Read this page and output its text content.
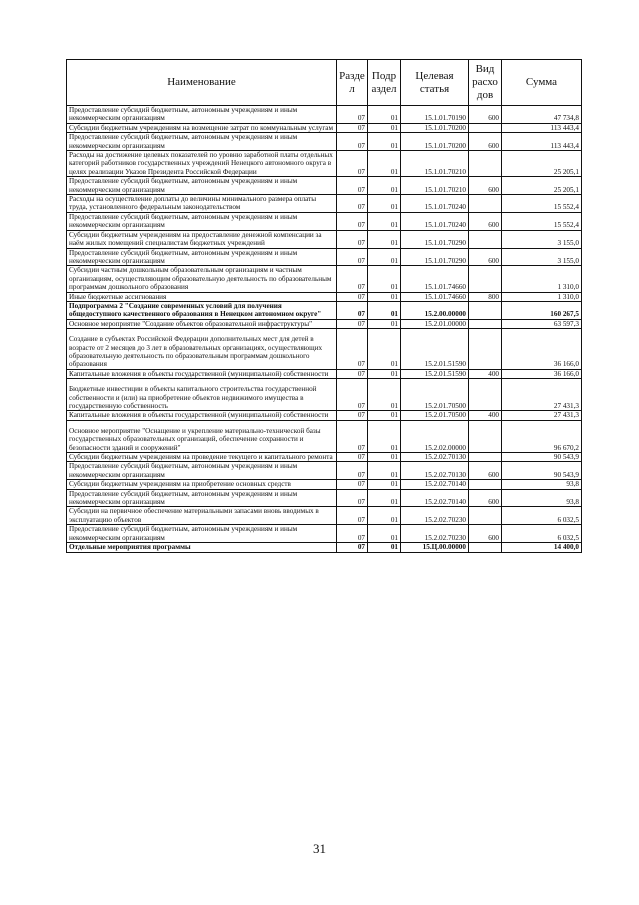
Наименование	Разде л	Подр аздел	Целевая статья	Вид расхо дов	Сумма
Предоставление субсидий бюджетным, автономным учреждениям и иным некоммерческим организациям	07	01	15.1.01.70190	600	47 734,8
Субсидии бюджетным учреждениям на возмещение затрат по коммунальным услугам	07	01	15.1.01.70200		113 443,4
Предоставление субсидий бюджетным, автономным учреждениям и иным некоммерческим организациям	07	01	15.1.01.70200	600	113 443,4
Расходы на достижение целевых показателей по уровню заработной платы отдельных категорий работников государственных учреждений Ненецкого автономного округа в целях реализации Указов Президента Российской Федерации	07	01	15.1.01.70210		25 205,1
Предоставление субсидий бюджетным, автономным учреждениям и иным некоммерческим организациям	07	01	15.1.01.70210	600	25 205,1
Расходы на осуществление доплаты до величины минимального размера оплаты труда, установленного федеральным законодательством	07	01	15.1.01.70240		15 552,4
Предоставление субсидий бюджетным, автономным учреждениям и иным некоммерческим организациям	07	01	15.1.01.70240	600	15 552,4
Субсидии бюджетным учреждениям на предоставление денежной компенсации за наём жилых помещений специалистам бюджетных учреждений	07	01	15.1.01.70290		3 155,0
Предоставление субсидий бюджетным, автономным учреждениям и иным некоммерческим организациям	07	01	15.1.01.70290	600	3 155,0
Субсидии частным дошкольным образовательным организациям и частным организациям, осуществляющим образовательную деятельность по образовательным программам дошкольного образования	07	01	15.1.01.74660		1 310,0
Иные бюджетные ассигнования	07	01	15.1.01.74660	800	1 310,0
Подпрограмма 2 "Создание современных условий для получения общедоступного качественного образования в Ненецком автономном округе"	07	01	15.2.00.00000		160 267,5
Основное мероприятие "Создание объектов образовательной инфраструктуры"	07	01	15.2.01.00000		63 597,3
Создание в субъектах Российской Федерации дополнительных мест для детей в возрасте от 2 месяцев до 3 лет в образовательных организациях, осуществляющих образовательную деятельность по образовательным программам дошкольного образования	07	01	15.2.01.51590		36 166,0
Капитальные вложения в объекты государственной (муниципальной) собственности	07	01	15.2.01.51590	400	36 166,0
Бюджетные инвестиции в объекты капитального строительства государственной собственности и (или) на приобретение объектов недвижимого имущества в государственную собственность	07	01	15.2.01.70500		27 431,3
Капитальные вложения в объекты государственной (муниципальной) собственности	07	01	15.2.01.70500	400	27 431,3
Основное мероприятие "Оснащение и укрепление материально-технической базы государственных образовательных организаций, обеспечение сохранности и безопасности зданий и сооружений"	07	01	15.2.02.00000		96 670,2
Субсидии бюджетным учреждениям на проведение текущего и капитального ремонта	07	01	15.2.02.70130		90 543,9
Предоставление субсидий бюджетным, автономным учреждениям и иным некоммерческим организациям	07	01	15.2.02.70130	600	90 543,9
Субсидии бюджетным учреждениям на приобретение основных средств	07	01	15.2.02.70140		93,8
Предоставление субсидий бюджетным, автономным учреждениям и иным некоммерческим организациям	07	01	15.2.02.70140	600	93,8
Субсидии на первичное обеспечение материальными запасами вновь вводимых в эксплуатацию объектов	07	01	15.2.02.70230		6 032,5
Предоставление субсидий бюджетным, автономным учреждениям и иным некоммерческим организациям	07	01	15.2.02.70230	600	6 032,5
Отдельные мероприятия программы	07	01	15.Ц.00.00000		14 400,0
31
